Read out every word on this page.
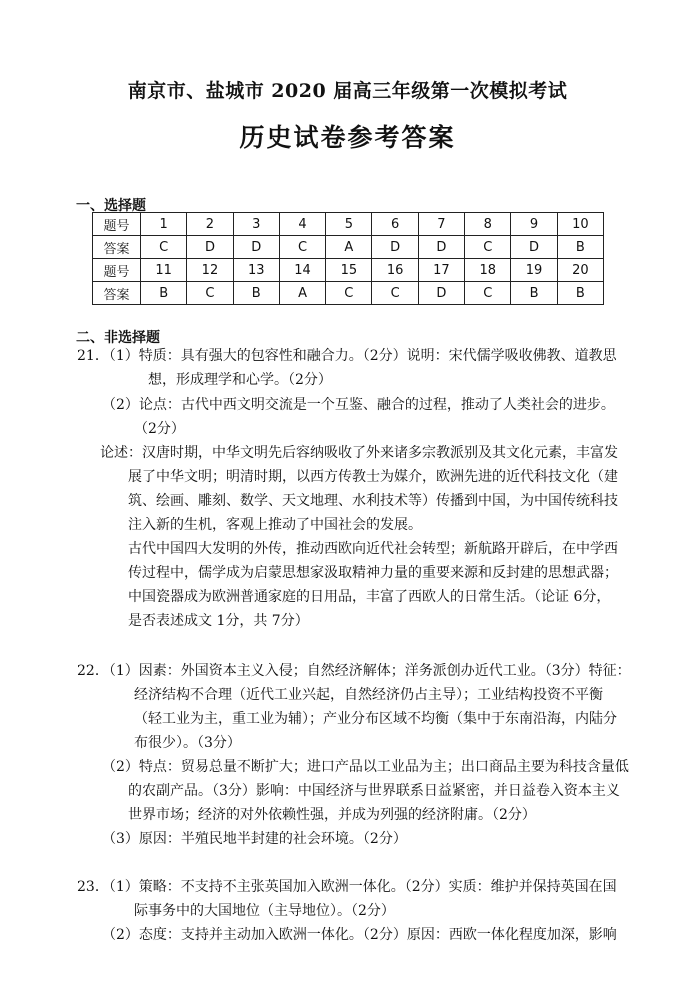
南京市、盐城市 2020 届高三年级第一次模拟考试
历史试卷参考答案
一、选择题
题号	1	2	3	4	5	6	7	8	9	10
答案	C	D	D	C	A	D	D	C	D	B
题号	11	12	13	14	15	16	17	18	19	20
答案	B	C	B	A	C	C	D	C	B	B
二、非选择题
21．（1）特质：具有强大的包容性和融合力。（2分）说明：宋代儒学吸收佛教、道教思
想，形成理学和心学。（2分）
（2）论点：古代中西文明交流是一个互鉴、融合的过程，推动了人类社会的进步。
（2分）
论述：汉唐时期，中华文明先后容纳吸收了外来诸多宗教派别及其文化元素，丰富发
展了中华文明；明清时期，以西方传教士为媒介，欧洲先进的近代科技文化（建
筑、绘画、雕刻、数学、天文地理、水利技术等）传播到中国，为中国传统科技
注入新的生机，客观上推动了中国社会的发展。
古代中国四大发明的外传，推动西欧向近代社会转型；新航路开辟后，在中学西
传过程中，儒学成为启蒙思想家汲取精神力量的重要来源和反封建的思想武器；
中国瓷器成为欧洲普通家庭的日用品，丰富了西欧人的日常生活。（论证 6分，
是否表述成文 1分，共 7分）
22．（1）因素：外国资本主义入侵；自然经济解体；洋务派创办近代工业。（3分）特征：
经济结构不合理（近代工业兴起，自然经济仍占主导）；工业结构投资不平衡
（轻工业为主，重工业为辅）；产业分布区域不均衡（集中于东南沿海，内陆分
布很少）。（3分）
（2）特点：贸易总量不断扩大；进口产品以工业品为主；出口商品主要为科技含量低
的农副产品。（3分）影响：中国经济与世界联系日益紧密，并日益卷入资本主义
世界市场；经济的对外依赖性强，并成为列强的经济附庸。（2分）
（3）原因：半殖民地半封建的社会环境。（2分）
23．（1）策略：不支持不主张英国加入欧洲一体化。（2分）实质：维护并保持英国在国
际事务中的大国地位（主导地位）。（2分）
（2）态度：支持并主动加入欧洲一体化。（2分）原因：西欧一体化程度加深，影响
